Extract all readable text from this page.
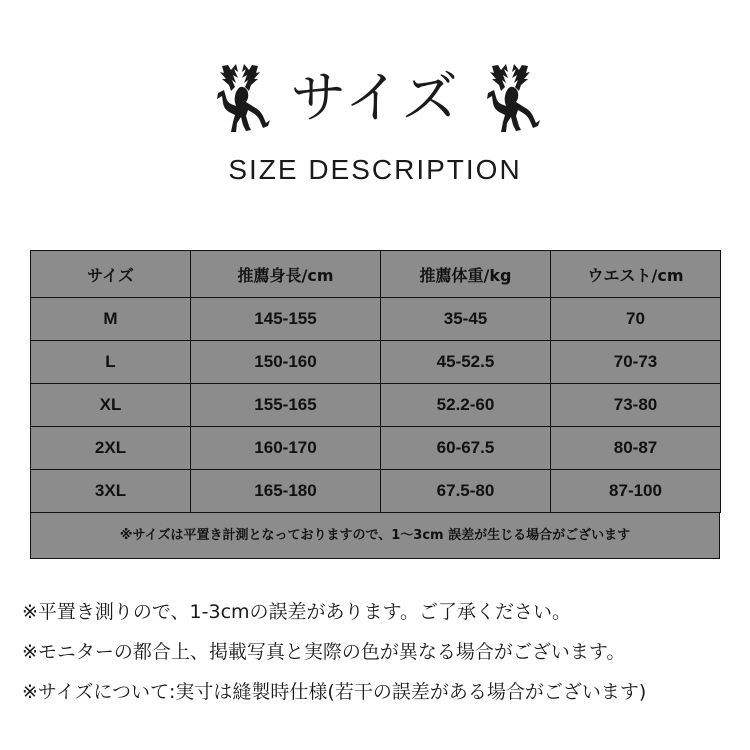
サイズ
SIZE DESCRIPTION
サイズ	推薦身長/cm	推薦体重/kg	ウエスト/cm
M	145-155	35-45	70
L	150-160	45-52.5	70-73
XL	155-165	52.2-60	73-80
2XL	160-170	60-67.5	80-87
3XL	165-180	67.5-80	87-100
※サイズは平置き計測となっておりますので、1～3cm 誤差が生じる場合がございます
※平置き測りので、1-3cmの誤差があります。ご了承ください。
※モニターの都合上、掲載写真と実際の色が異なる場合がございます。
※サイズについて:実寸は縫製時仕様(若干の誤差がある場合がございます)
